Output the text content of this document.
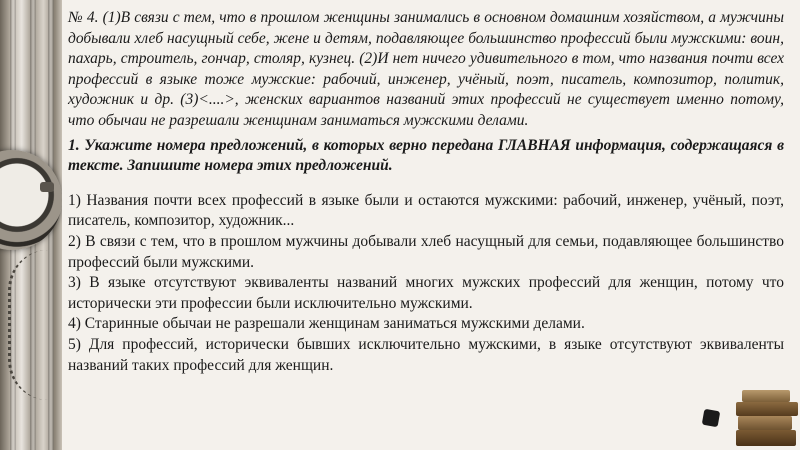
№ 4. (1)В связи с тем, что в прошлом женщины занимались в основном домашним хозяйством, а мужчины добывали хлеб насущный себе, жене и детям, подавляющее большинство профессий были мужскими: воин, пахарь, строитель, гончар, столяр, кузнец. (2)И нет ничего удивительного в том, что названия почти всех профессий в языке тоже мужские: рабочий, инженер, учёный, поэт, писатель, композитор, политик, художник и др. (3)<....>, женских вариантов названий этих профессий не существует именно потому, что обычаи не разрешали женщинам заниматься мужскими делами.

1. Укажите номера предложений, в которых верно передана ГЛАВНАЯ информация, содержащаяся в тексте. Запишите номера этих предложений.

1) Названия почти всех профессий в языке были и остаются мужскими: рабочий, инженер, учёный, поэт, писатель, композитор, художник...

2) В связи с тем, что в прошлом мужчины добывали хлеб насущный для семьи, подавляющее большинство профессий были мужскими.

3) В языке отсутствуют эквиваленты названий многих мужских профессий для женщин, потому что исторически эти профессии были исключительно мужскими.

4) Старинные обычаи не разрешали женщинам заниматься мужскими делами.

5) Для профессий, исторически бывших исключительно мужскими, в языке отсутствуют эквиваленты названий таких профессий для женщин.
